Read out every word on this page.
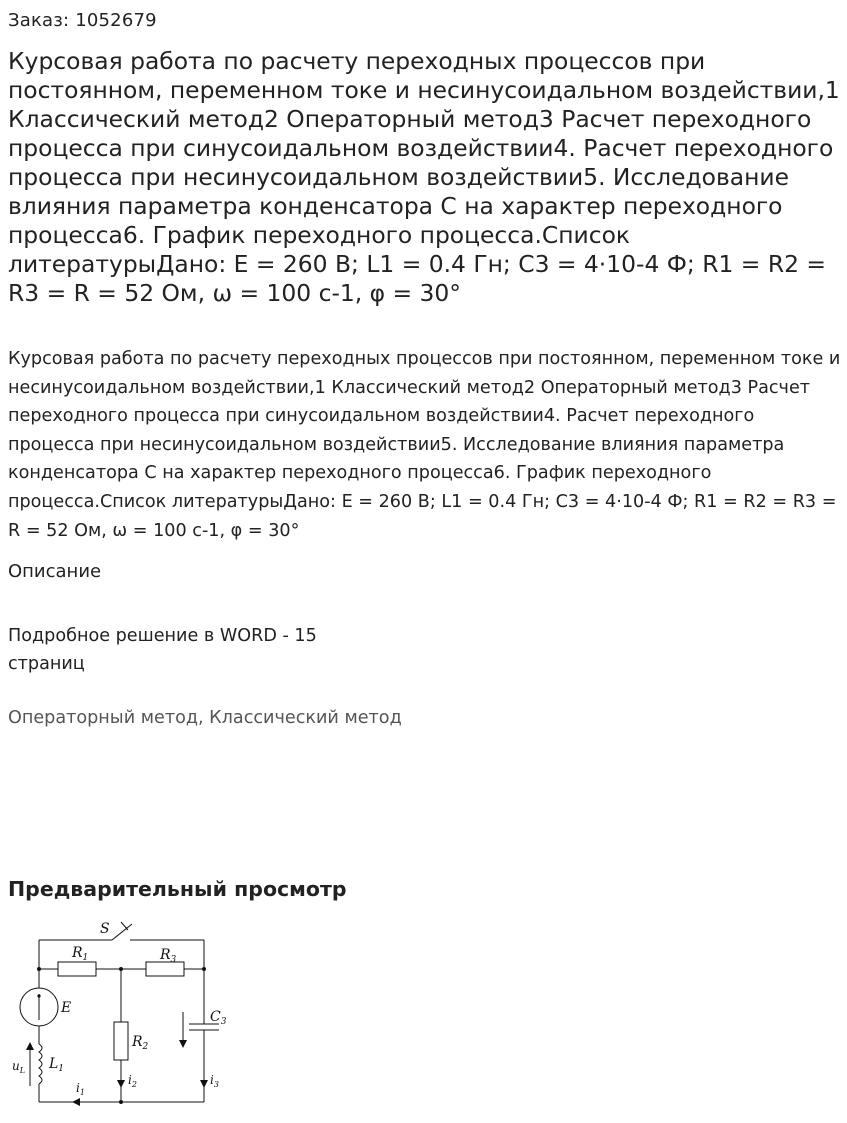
Заказ: 1052679

Курсовая работа по расчету переходных процессов при постоянном, переменном токе и несинусоидальном воздействии,1 Классический метод2 Операторный метод3 Расчет переходного процесса при синусоидальном воздействии4. Расчет переходного процесса при несинусоидальном воздействии5. Исследование влияния параметра конденсатора С на характер переходного процесса6. График переходного процесса.Список литературыДано: Е = 260 В; L1 = 0.4 Гн; С3 = 4·10-4 Ф; R1 = R2 = R3 = R = 52 Ом, ω = 100 с-1, φ = 30°

Курсовая работа по расчету переходных процессов при постоянном, переменном токе и несинусоидальном воздействии,1 Классический метод2 Операторный метод3 Расчет переходного процесса при синусоидальном воздействии4. Расчет переходного процесса при несинусоидальном воздействии5. Исследование влияния параметра конденсатора С на характер переходного процесса6. График переходного процесса.Список литературыДано: Е = 260 В; L1 = 0.4 Гн; С3 = 4·10-4 Ф; R1 = R2 = R3 = R = 52 Ом, ω = 100 с-1, φ = 30°

Описание

Подробное решение в WORD - 15 страниц

Операторный метод, Классический метод

Предварительный просмотр
S
$R_1$	$R_3$
E
$R_2$
$C_3$
$L_1$
$u_L$
$i_1$
$i_2$	$i_3$
